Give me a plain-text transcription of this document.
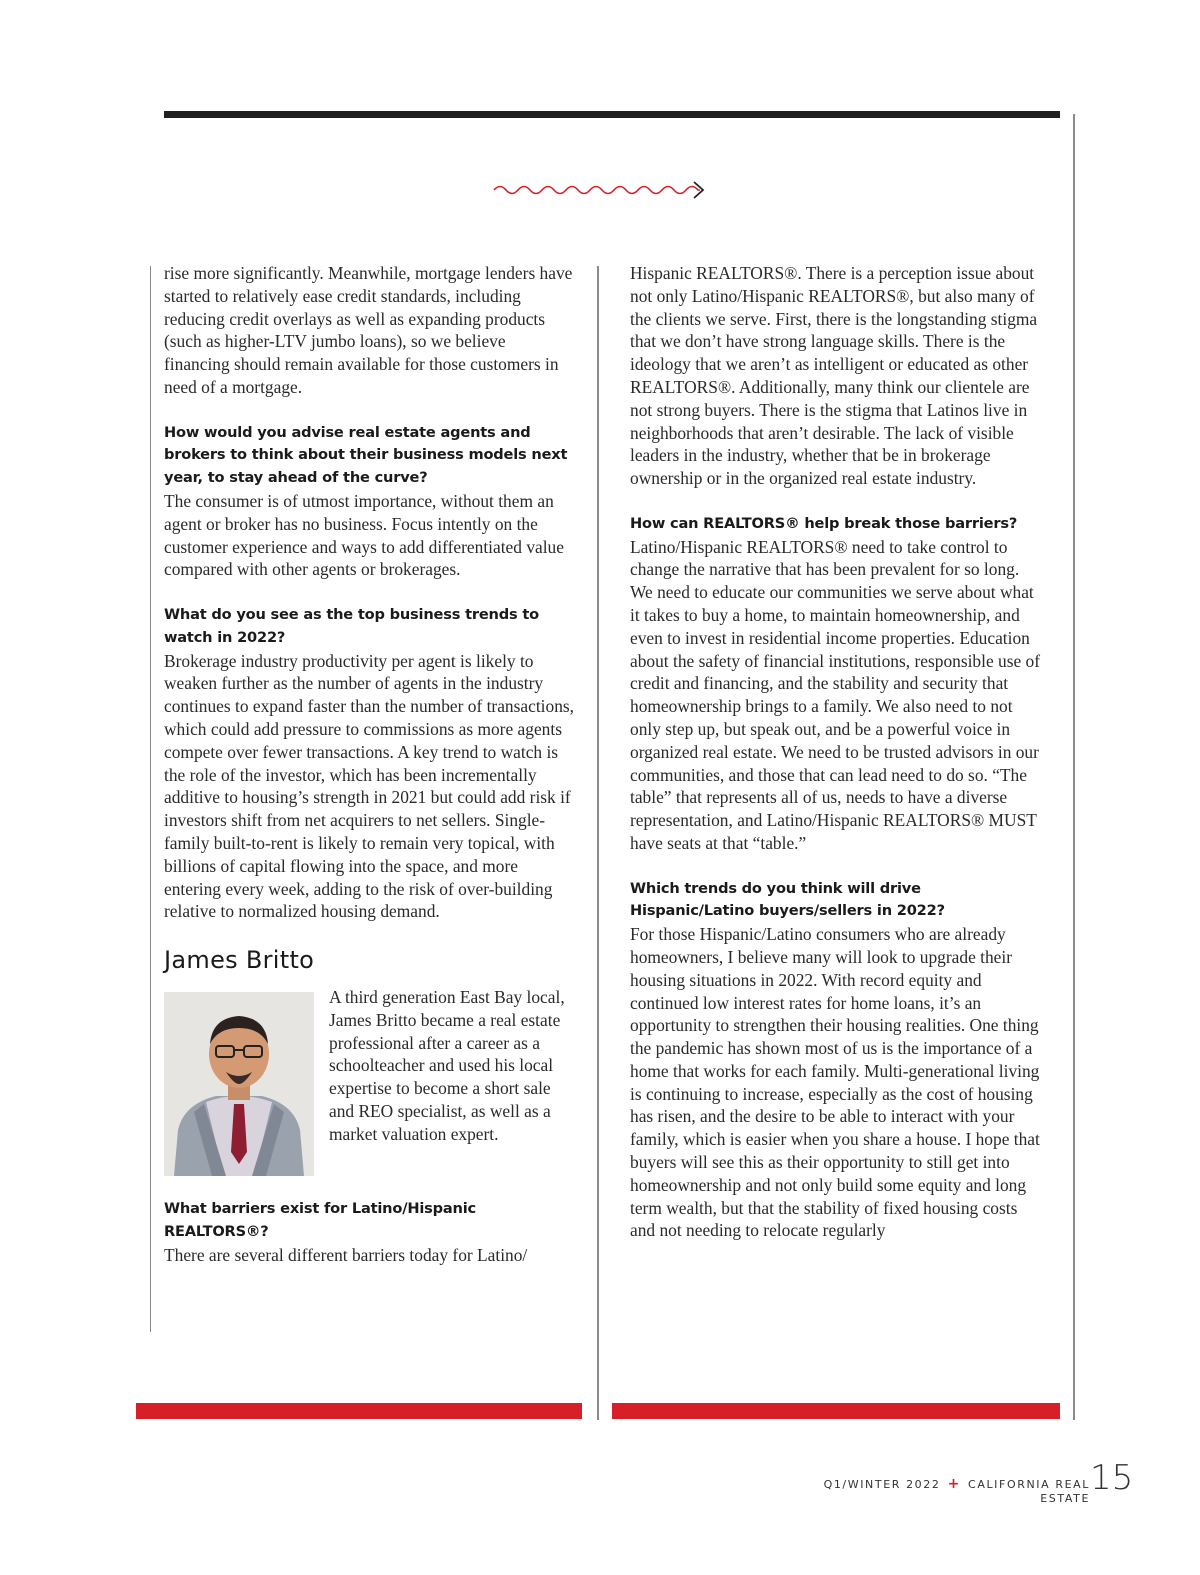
rise more significantly. Meanwhile, mortgage lenders have started to relatively ease credit standards, including reducing credit overlays as well as expanding products (such as higher-LTV jumbo loans), so we believe financing should remain available for those customers in need of a mortgage.

How would you advise real estate agents and brokers to think about their business models next year, to stay ahead of the curve?

The consumer is of utmost importance, without them an agent or broker has no business. Focus intently on the customer experience and ways to add differentiated value compared with other agents or brokerages.

What do you see as the top business trends to watch in 2022?

Brokerage industry productivity per agent is likely to weaken further as the number of agents in the industry continues to expand faster than the number of transactions, which could add pressure to commissions as more agents compete over fewer transactions. A key trend to watch is the role of the investor, which has been incrementally additive to housing’s strength in 2021 but could add risk if investors shift from net acquirers to net sellers. Single-family built-to-rent is likely to remain very topical, with billions of capital flowing into the space, and more entering every week, adding to the risk of over-building relative to normalized housing demand.

James Britto

A third generation East Bay local, James Britto became a real estate professional after a career as a schoolteacher and used his local expertise to become a short sale and REO specialist, as well as a market valuation expert.

What barriers exist for Latino/Hispanic REALTORS®?

There are several different barriers today for Latino/

Hispanic REALTORS®. There is a perception issue about not only Latino/Hispanic REALTORS®, but also many of the clients we serve. First, there is the longstanding stigma that we don’t have strong language skills. There is the ideology that we aren’t as intelligent or educated as other REALTORS®. Additionally, many think our clientele are not strong buyers. There is the stigma that Latinos live in neighborhoods that aren’t desirable. The lack of visible leaders in the industry, whether that be in brokerage ownership or in the organized real estate industry.

How can REALTORS® help break those barriers?

Latino/Hispanic REALTORS® need to take control to change the narrative that has been prevalent for so long. We need to educate our communities we serve about what it takes to buy a home, to maintain homeownership, and even to invest in residential income properties. Education about the safety of financial institutions, responsible use of credit and financing, and the stability and security that homeownership brings to a family. We also need to not only step up, but speak out, and be a powerful voice in organized real estate. We need to be trusted advisors in our communities, and those that can lead need to do so. “The table” that represents all of us, needs to have a diverse representation, and Latino/Hispanic REALTORS® MUST have seats at that “table.”

Which trends do you think will drive Hispanic/Latino buyers/sellers in 2022?

For those Hispanic/Latino consumers who are already homeowners, I believe many will look to upgrade their housing situations in 2022. With record equity and continued low interest rates for home loans, it’s an opportunity to strengthen their housing realities. One thing the pandemic has shown most of us is the importance of a home that works for each family. Multi-generational living is continuing to increase, especially as the cost of housing has risen, and the desire to be able to interact with your family, which is easier when you share a house. I hope that buyers will see this as their opportunity to still get into homeownership and not only build some equity and long term wealth, but that the stability of fixed housing costs and not needing to relocate regularly

Q1/WINTER 2022 + CALIFORNIA REAL ESTATE
15
